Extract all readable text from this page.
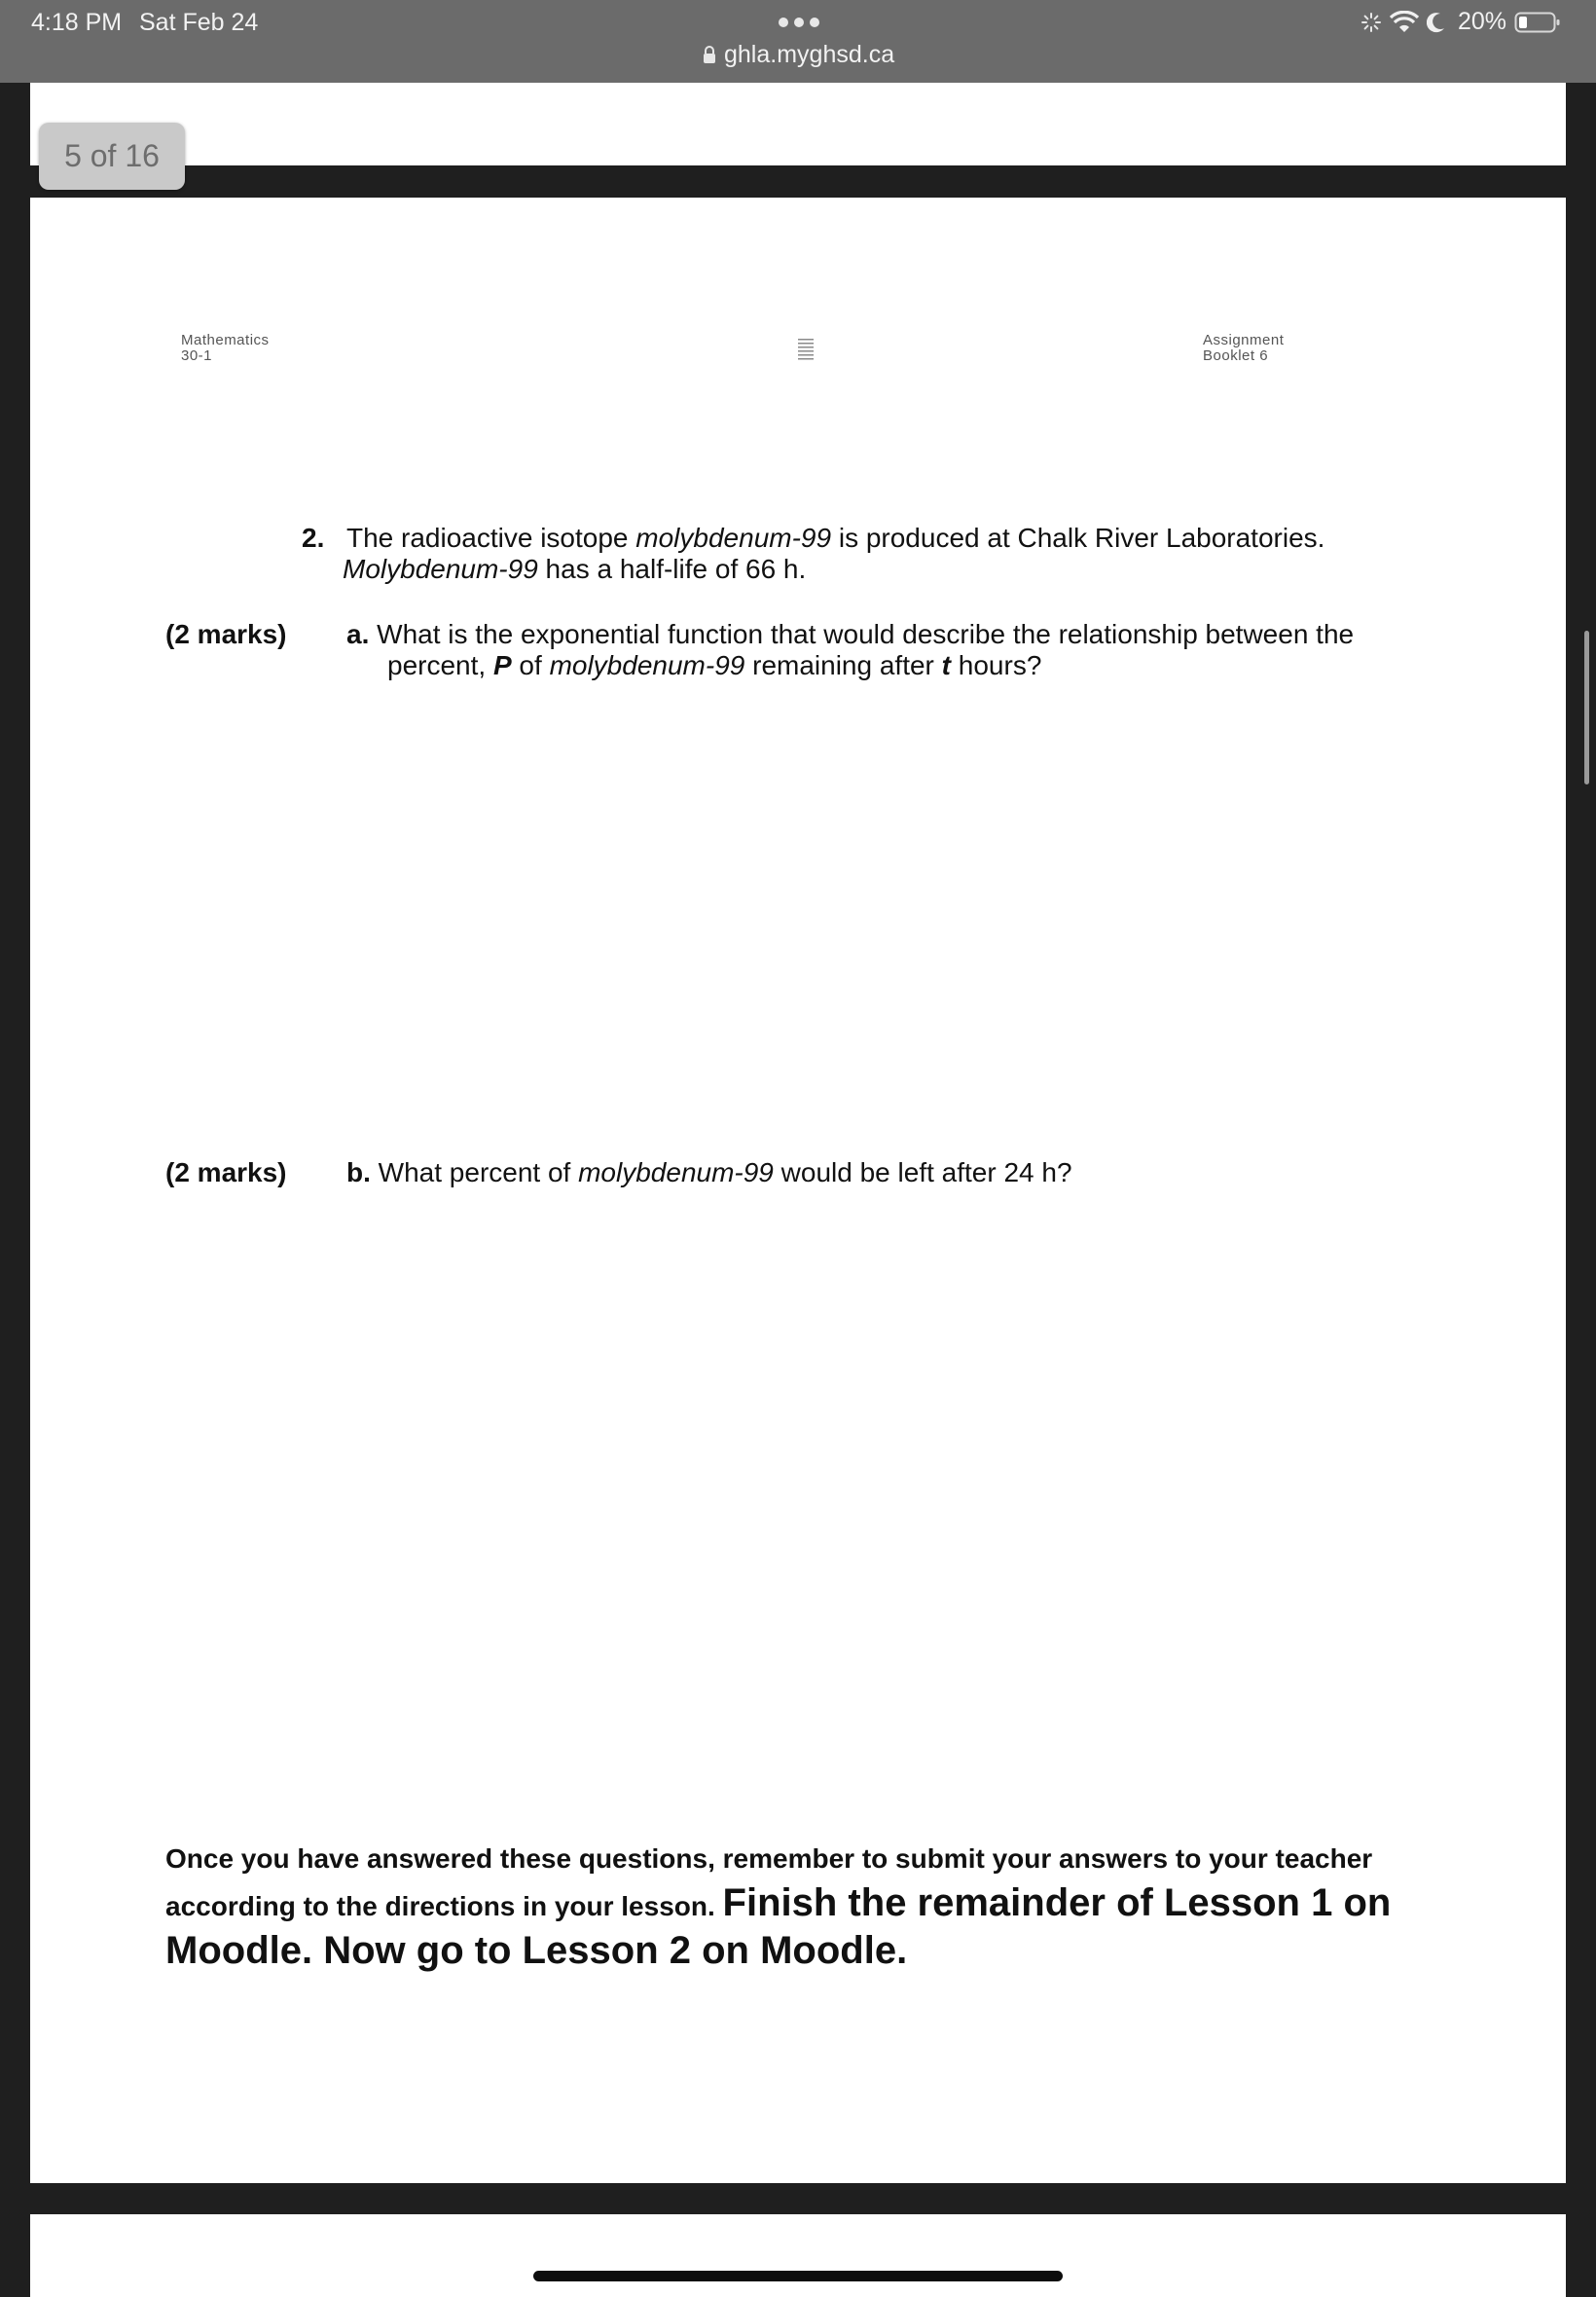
4:18 PM Sat Feb 24
ghla.myghsd.ca
20%
5 of 16
Mathematics
30-1
Assignment
Booklet 6
2. The radioactive isotope molybdenum-99 is produced at Chalk River Laboratories.
Molybdenum-99 has a half-life of 66 h.
(2 marks) a. What is the exponential function that would describe the relationship between the
percent, P of molybdenum-99 remaining after t hours?
(2 marks) b. What percent of molybdenum-99 would be left after 24 h?
Once you have answered these questions, remember to submit your answers to your teacher
according to the directions in your lesson. Finish the remainder of Lesson 1 on
Moodle. Now go to Lesson 2 on Moodle.
